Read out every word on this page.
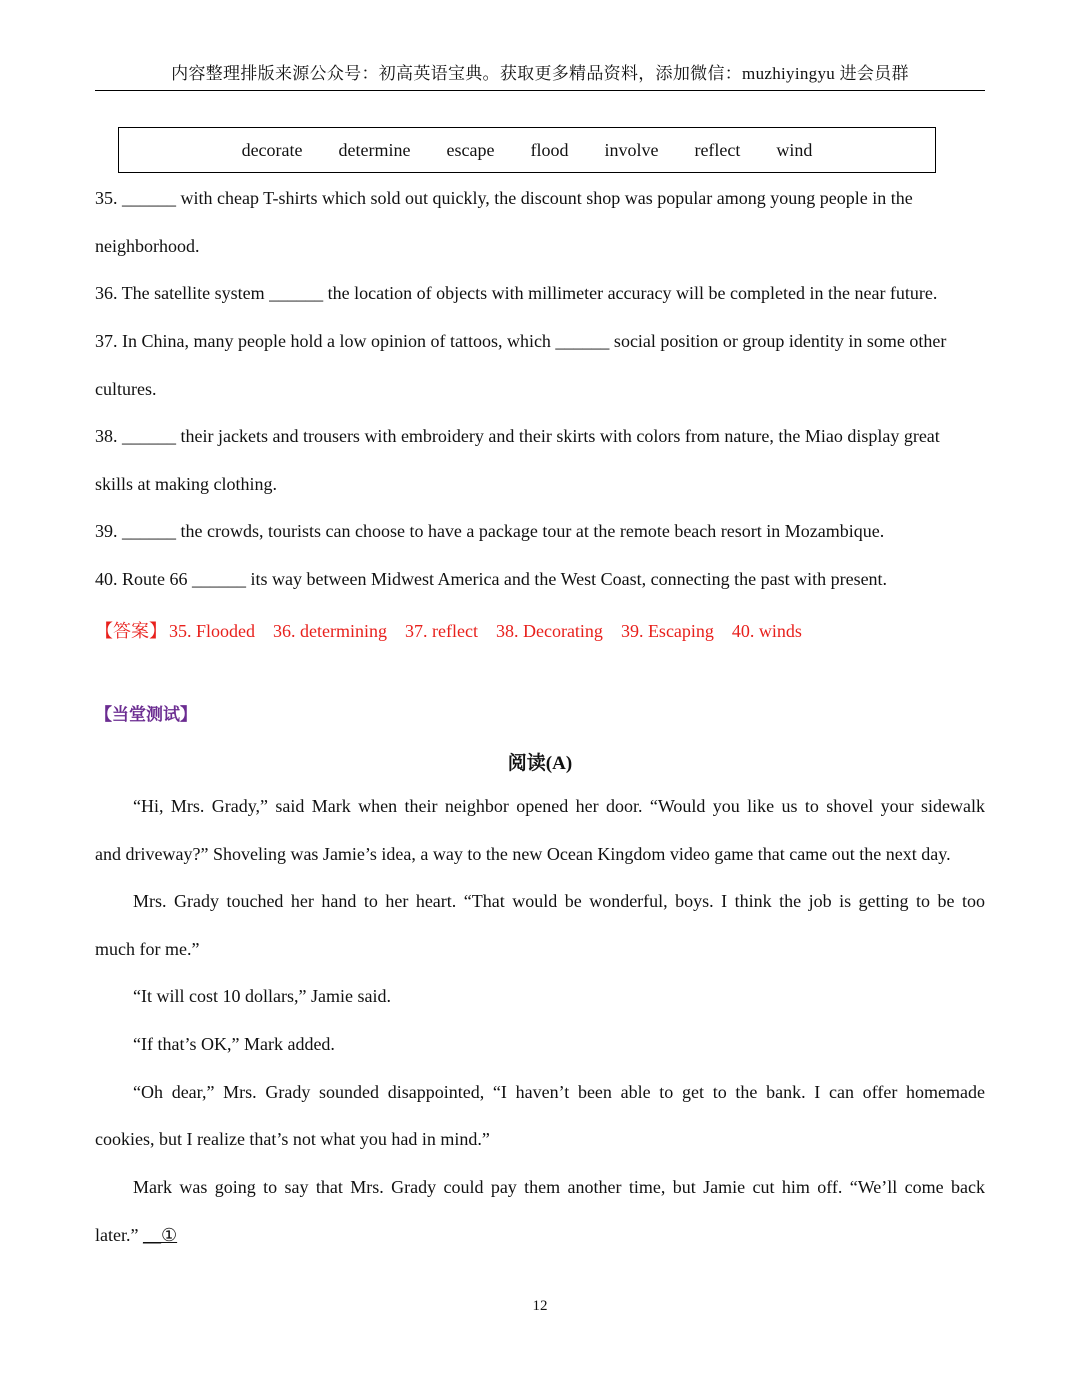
内容整理排版来源公众号：初高英语宝典。获取更多精品资料，添加微信：muzhiyingyu 进会员群
decorate determine escape flood involve reflect wind
35. ______ with cheap T-shirts which sold out quickly, the discount shop was popular among young people in the
neighborhood.
36. The satellite system ______ the location of objects with millimeter accuracy will be completed in the near future.
37. In China, many people hold a low opinion of tattoos, which ______ social position or group identity in some other
cultures.
38. ______ their jackets and trousers with embroidery and their skirts with colors from nature, the Miao display great
skills at making clothing.
39. ______ the crowds, tourists can choose to have a package tour at the remote beach resort in Mozambique.
40. Route 66 ______ its way between Midwest America and the West Coast, connecting the past with present.
【答案】 35. Flooded 36. determining 37. reflect 38. Decorating 39. Escaping 40. winds
【当堂测试】
阅读(A)
“Hi, Mrs. Grady,” said Mark when their neighbor opened her door. “Would you like us to shovel your sidewalk
and driveway?” Shoveling was Jamie’s idea, a way to the new Ocean Kingdom video game that came out the next day.
Mrs. Grady touched her hand to her heart. “That would be wonderful, boys. I think the job is getting to be too
much for me.”
“It will cost 10 dollars,” Jamie said.
“If that’s OK,” Mark added.
“Oh dear,” Mrs. Grady sounded disappointed, “I haven’t been able to get to the bank. I can offer homemade
cookies, but I realize that’s not what you had in mind.”
Mark was going to say that Mrs. Grady could pay them another time, but Jamie cut him off. “We’ll come back
later.” __①
12
